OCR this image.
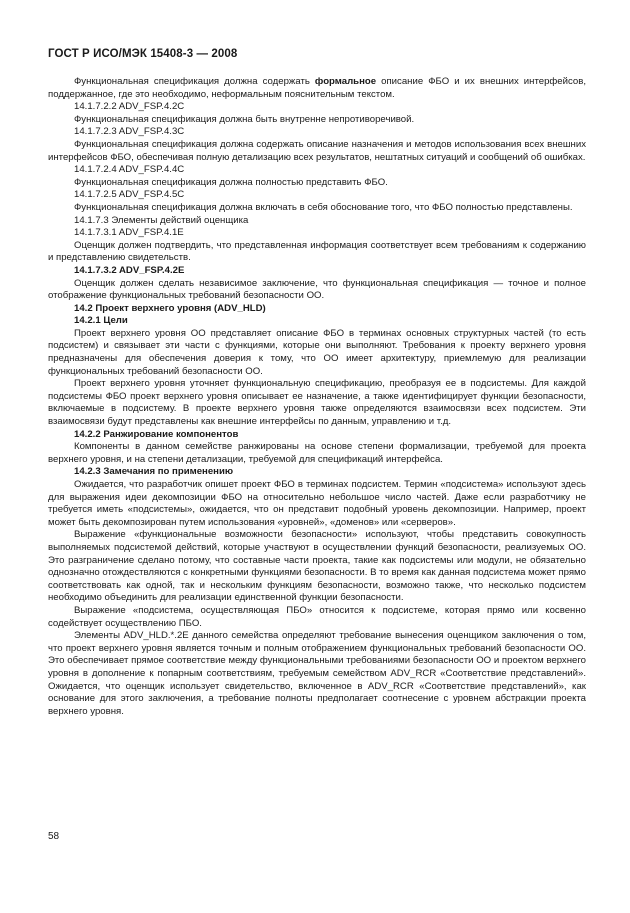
ГОСТ Р ИСО/МЭК 15408-3 — 2008
Функциональная спецификация должна содержать формальное описание ФБО и их внешних интерфейсов, поддержанное, где это необходимо, неформальным пояснительным текстом.
14.1.7.2.2 ADV_FSP.4.2C
Функциональная спецификация должна быть внутренне непротиворечивой.
14.1.7.2.3 ADV_FSP.4.3C
Функциональная спецификация должна содержать описание назначения и методов использования всех внешних интерфейсов ФБО, обеспечивая полную детализацию всех результатов, нештатных ситуаций и сообщений об ошибках.
14.1.7.2.4 ADV_FSP.4.4C
Функциональная спецификация должна полностью представить ФБО.
14.1.7.2.5 ADV_FSP.4.5C
Функциональная спецификация должна включать в себя обоснование того, что ФБО полностью представлены.
14.1.7.3 Элементы действий оценщика
14.1.7.3.1 ADV_FSP.4.1E
Оценщик должен подтвердить, что представленная информация соответствует всем требованиям к содержанию и представлению свидетельств.
14.1.7.3.2 ADV_FSP.4.2E
Оценщик должен сделать независимое заключение, что функциональная спецификация — точное и полное отображение функциональных требований безопасности ОО.
14.2 Проект верхнего уровня (ADV_HLD)
14.2.1 Цели
Проект верхнего уровня ОО представляет описание ФБО в терминах основных структурных частей (то есть подсистем) и связывает эти части с функциями, которые они выполняют. Требования к проекту верхнего уровня предназначены для обеспечения доверия к тому, что ОО имеет архитектуру, приемлемую для реализации функциональных требований безопасности ОО.
Проект верхнего уровня уточняет функциональную спецификацию, преобразуя ее в подсистемы. Для каждой подсистемы ФБО проект верхнего уровня описывает ее назначение, а также идентифицирует функции безопасности, включаемые в подсистему. В проекте верхнего уровня также определяются взаимосвязи всех подсистем. Эти взаимосвязи будут представлены как внешние интерфейсы по данным, управлению и т.д.
14.2.2 Ранжирование компонентов
Компоненты в данном семействе ранжированы на основе степени формализации, требуемой для проекта верхнего уровня, и на степени детализации, требуемой для спецификаций интерфейса.
14.2.3 Замечания по применению
Ожидается, что разработчик опишет проект ФБО в терминах подсистем. Термин «подсистема» используют здесь для выражения идеи декомпозиции ФБО на относительно небольшое число частей. Даже если разработчику не требуется иметь «подсистемы», ожидается, что он представит подобный уровень декомпозиции. Например, проект может быть декомпозирован путем использования «уровней», «доменов» или «серверов».
Выражение «функциональные возможности безопасности» используют, чтобы представить совокупность выполняемых подсистемой действий, которые участвуют в осуществлении функций безопасности, реализуемых ОО. Это разграничение сделано потому, что составные части проекта, такие как подсистемы или модули, не обязательно однозначно отождествляются с конкретными функциями безопасности. В то время как данная подсистема может прямо соответствовать как одной, так и нескольким функциям безопасности, возможно также, что несколько подсистем необходимо объединить для реализации единственной функции безопасности.
Выражение «подсистема, осуществляющая ПБО» относится к подсистеме, которая прямо или косвенно содействует осуществлению ПБО.
Элементы ADV_HLD.*.2E данного семейства определяют требование вынесения оценщиком заключения о том, что проект верхнего уровня является точным и полным отображением функциональных требований безопасности ОО. Это обеспечивает прямое соответствие между функциональными требованиями безопасности ОО и проектом верхнего уровня в дополнение к попарным соответствиям, требуемым семейством ADV_RCR «Соответствие представлений». Ожидается, что оценщик использует свидетельство, включенное в ADV_RCR «Соответствие представлений», как основание для этого заключения, а требование полноты предполагает соотнесение с уровнем абстракции проекта верхнего уровня.
58
